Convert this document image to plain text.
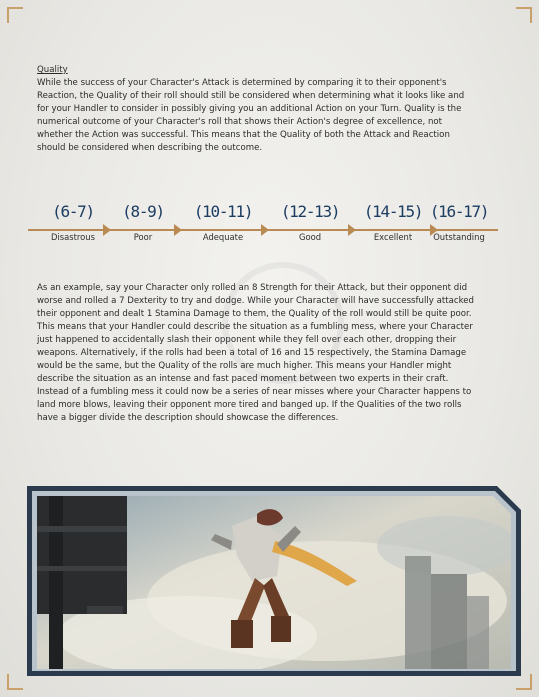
Quality
While the success of your Character's Attack is determined by comparing it to their opponent's Reaction, the Quality of their roll should still be considered when determining what it looks like and for your Handler to consider in possibly giving you an additional Action on your Turn. Quality is the numerical outcome of your Character's roll that shows their Action's degree of excellence, not whether the Action was successful. This means that the Quality of both the Attack and Reaction should be considered when describing the outcome.
(6-7)
Disastrous
(8-9)
Poor
(10-11)
Adequate
(12-13)
Good
(14-15)
Excellent
(16-17)
Outstanding
As an example, say your Character only rolled an 8 Strength for their Attack, but their opponent did worse and rolled a 7 Dexterity to try and dodge. While your Character will have successfully attacked their opponent and dealt 1 Stamina Damage to them, the Quality of the roll would still be quite poor. This means that your Handler could describe the situation as a fumbling mess, where your Character just happened to accidentally slash their opponent while they fell over each other, dropping their weapons. Alternatively, if the rolls had been a total of 16 and 15 respectively, the Stamina Damage would be the same, but the Quality of the rolls are much higher. This means your Handler might describe the situation as an intense and fast paced moment between two experts in their craft. Instead of a fumbling mess it could now be a series of near misses where your Character happens to land more blows, leaving their opponent more tired and banged up. If the Qualities of the two rolls have a bigger divide the description should showcase the differences.
